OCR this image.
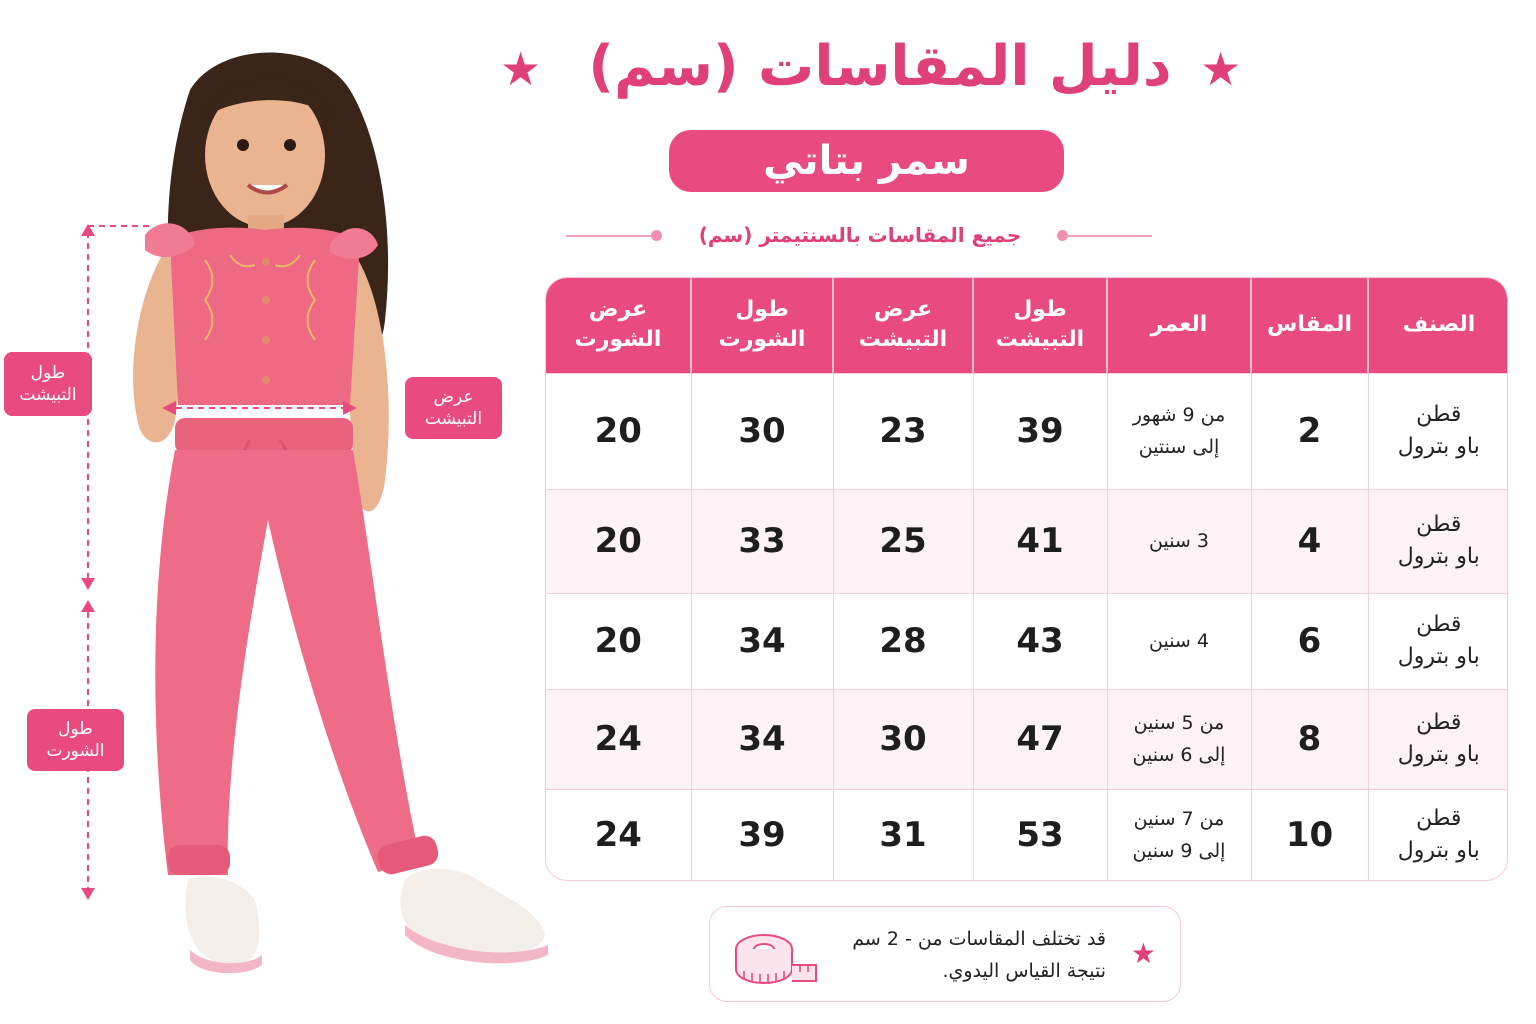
طول
التبيشت	عرض
التبيشت
طول
الشورت
★ دليل المقاسات (سم) ★
سمر بتاتي
جميع المقاسات بالسنتيمتر (سم)
الصنف	المقاس	العمر	طول التبيشت	عرض التبيشت	طول الشورت	عرض الشورت
قطن
باو بترول	2	من 9 شهور
إلى سنتين	39	23	30	20
قطن
باو بترول	4	3 سنين	41	25	33	20
قطن
باو بترول	6	4 سنين	43	28	34	20
قطن
باو بترول	8	من 5 سنين
إلى 6 سنين	47	30	34	24
قطن
باو بترول	10	من 7 سنين
إلى 9 سنين	53	31	39	24
قد تختلف المقاسات من - 2 سم
نتيجة القياس اليدوي.
★
